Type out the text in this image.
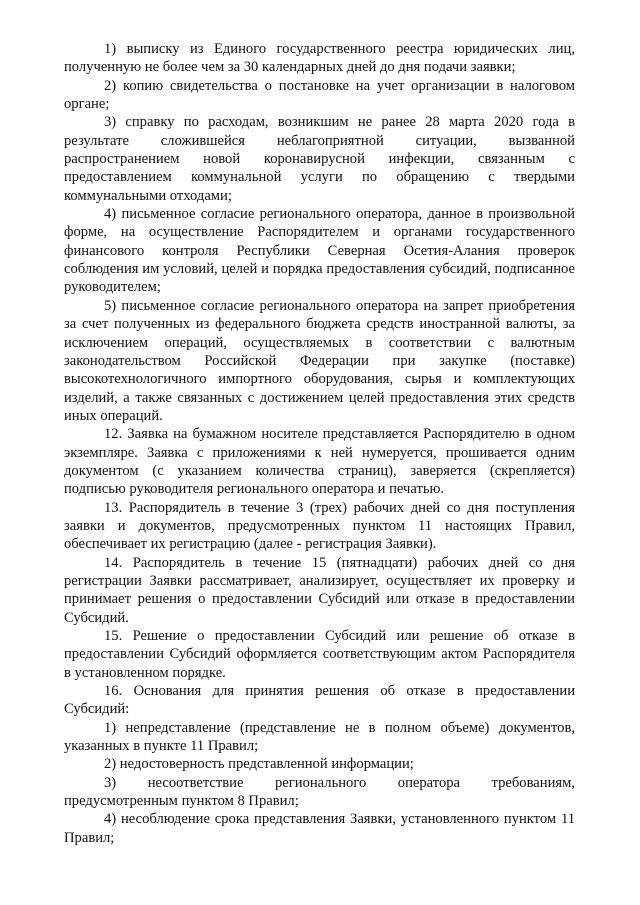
1) выписку из Единого государственного реестра юридических лиц, полученную не более чем за 30 календарных дней до дня подачи заявки;

2) копию свидетельства о постановке на учет организации в налоговом органе;

3) справку по расходам, возникшим не ранее 28 марта 2020 года в результате сложившейся неблагоприятной ситуации, вызванной распространением новой коронавирусной инфекции, связанным с предоставлением коммунальной услуги по обращению с твердыми коммунальными отходами;

4) письменное согласие регионального оператора, данное в произвольной форме, на осуществление Распорядителем и органами государственного финансового контроля Республики Северная Осетия-Алания проверок соблюдения им условий, целей и порядка предоставления субсидий, подписанное руководителем;

5) письменное согласие регионального оператора на запрет приобретения за счет полученных из федерального бюджета средств иностранной валюты, за исключением операций, осуществляемых в соответствии с валютным законодательством Российской Федерации при закупке (поставке) высокотехнологичного импортного оборудования, сырья и комплектующих изделий, а также связанных с достижением целей предоставления этих средств иных операций.

12. Заявка на бумажном носителе представляется Распорядителю в одном экземпляре. Заявка с приложениями к ней нумеруется, прошивается одним документом (с указанием количества страниц), заверяется (скрепляется) подписью руководителя регионального оператора и печатью.

13. Распорядитель в течение 3 (трех) рабочих дней со дня поступления заявки и документов, предусмотренных пунктом 11 настоящих Правил, обеспечивает их регистрацию (далее - регистрация Заявки).

14. Распорядитель в течение 15 (пятнадцати) рабочих дней со дня регистрации Заявки рассматривает, анализирует, осуществляет их проверку и принимает решения о предоставлении Субсидий или отказе в предоставлении Субсидий.

15. Решение о предоставлении Субсидий или решение об отказе в предоставлении Субсидий оформляется соответствующим актом Распорядителя в установленном порядке.

16. Основания для принятия решения об отказе в предоставлении Субсидий:

1) непредставление (представление не в полном объеме) документов, указанных в пункте 11 Правил;

2) недостоверность представленной информации;

3) несоответствие регионального оператора требованиям, предусмотренным пунктом 8 Правил;

4) несоблюдение срока представления Заявки, установленного пунктом 11 Правил;
